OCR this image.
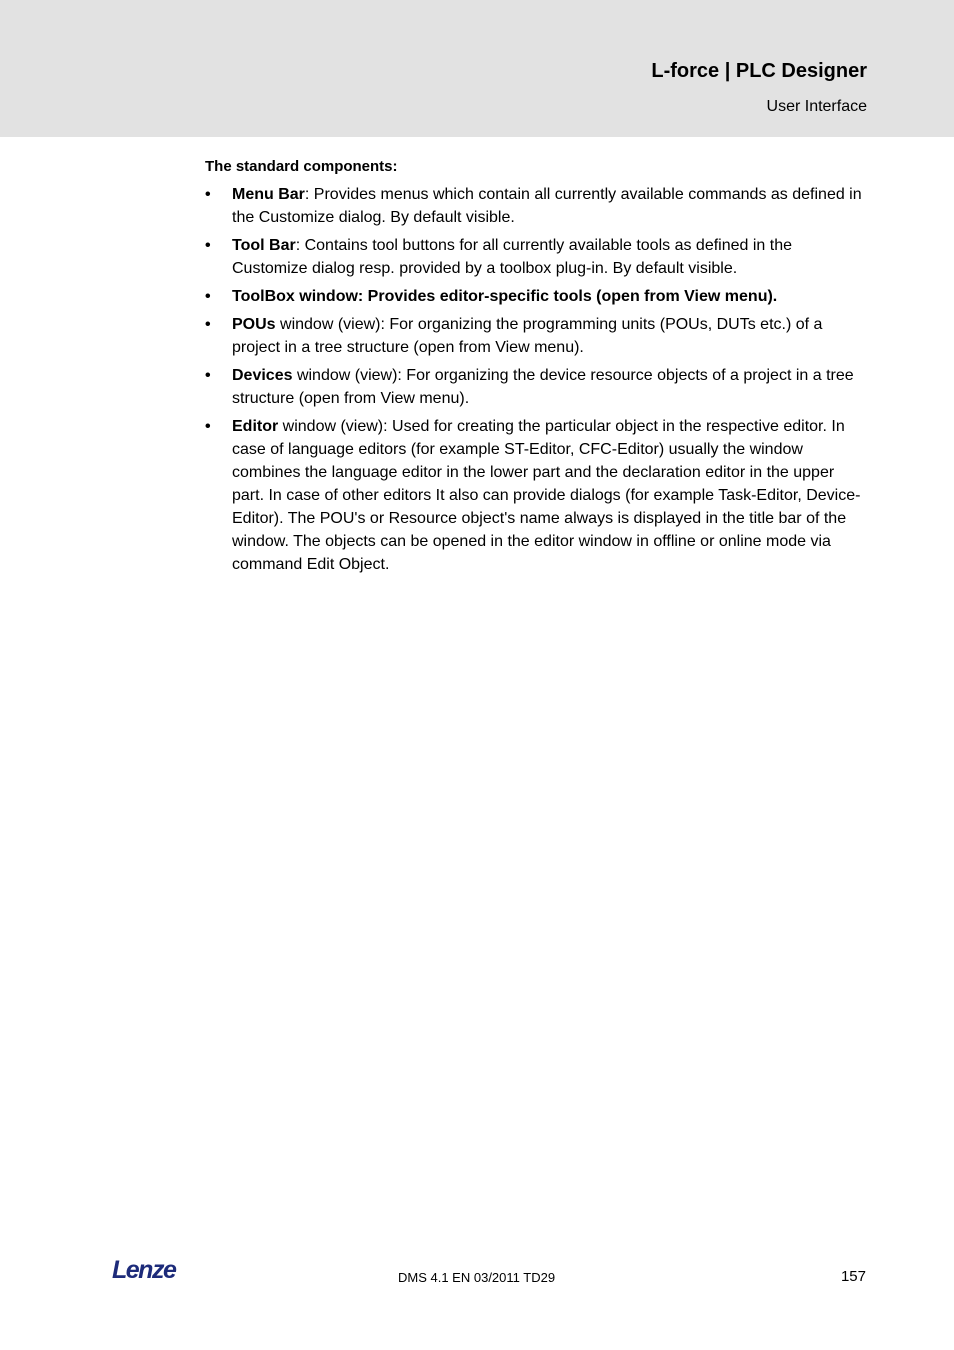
L-force | PLC Designer
User Interface
The standard components:
• Menu Bar: Provides menus which contain all currently available commands as defined in the Customize dialog. By default visible.
• Tool Bar: Contains tool buttons for all currently available tools as defined in the Customize dialog resp. provided by a toolbox plug-in. By default visible.
• ToolBox window: Provides editor-specific tools (open from View menu).
• POUs window (view): For organizing the programming units (POUs, DUTs etc.) of a project in a tree structure (open from View menu).
• Devices window (view): For organizing the device resource objects of a project in a tree structure (open from View menu).
• Editor window (view): Used for creating the particular object in the respective editor. In case of language editors (for example ST-Editor, CFC-Editor) usually the window combines the language editor in the lower part and the declaration editor in the upper part. In case of other editors It also can provide dialogs (for example Task-Editor, Device-Editor). The POU's or Resource object's name always is displayed in the title bar of the window. The objects can be opened in the editor window in offline or online mode via command Edit Object.
Lenze	DMS 4.1 EN 03/2011 TD29	157
